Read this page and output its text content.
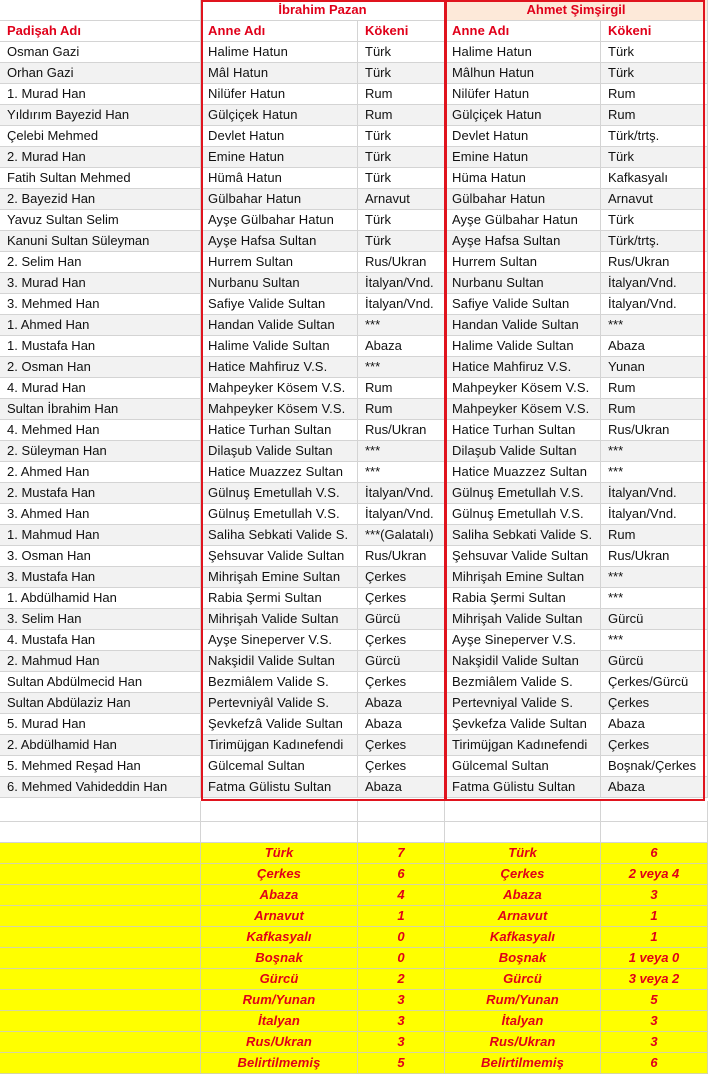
İbrahim Pazan	Ahmet Şimşirgil
Padişah Adı	Anne Adı	Kökeni	Anne Adı	Kökeni
Osman Gazi	Halime Hatun	Türk	Halime Hatun	Türk
Orhan Gazi	Mâl Hatun	Türk	Mâlhun Hatun	Türk
1. Murad Han	Nilüfer Hatun	Rum	Nilüfer Hatun	Rum
Yıldırım Bayezid Han	Gülçiçek Hatun	Rum	Gülçiçek Hatun	Rum
Çelebi Mehmed	Devlet Hatun	Türk	Devlet Hatun	Türk/trtş.
2. Murad Han	Emine Hatun	Türk	Emine Hatun	Türk
Fatih Sultan Mehmed	Hümâ Hatun	Türk	Hüma Hatun	Kafkasyalı
2. Bayezid Han	Gülbahar Hatun	Arnavut	Gülbahar Hatun	Arnavut
Yavuz Sultan Selim	Ayşe Gülbahar Hatun	Türk	Ayşe Gülbahar Hatun	Türk
Kanuni Sultan Süleyman	Ayşe Hafsa Sultan	Türk	Ayşe Hafsa Sultan	Türk/trtş.
2. Selim Han	Hurrem Sultan	Rus/Ukran	Hurrem Sultan	Rus/Ukran
3. Murad Han	Nurbanu Sultan	İtalyan/Vnd.	Nurbanu Sultan	İtalyan/Vnd.
3. Mehmed Han	Safiye Valide Sultan	İtalyan/Vnd.	Safiye Valide Sultan	İtalyan/Vnd.
1. Ahmed Han	Handan Valide Sultan	***	Handan Valide Sultan	***
1. Mustafa Han	Halime Valide Sultan	Abaza	Halime Valide Sultan	Abaza
2. Osman Han	Hatice Mahfiruz V.S.	***	Hatice Mahfiruz V.S.	Yunan
4. Murad Han	Mahpeyker Kösem V.S.	Rum	Mahpeyker Kösem V.S.	Rum
Sultan İbrahim Han	Mahpeyker Kösem V.S.	Rum	Mahpeyker Kösem V.S.	Rum
4. Mehmed Han	Hatice Turhan Sultan	Rus/Ukran	Hatice Turhan Sultan	Rus/Ukran
2. Süleyman Han	Dilaşub Valide Sultan	***	Dilaşub Valide Sultan	***
2. Ahmed Han	Hatice Muazzez Sultan	***	Hatice Muazzez Sultan	***
2. Mustafa Han	Gülnuş Emetullah V.S.	İtalyan/Vnd.	Gülnuş Emetullah V.S.	İtalyan/Vnd.
3. Ahmed Han	Gülnuş Emetullah V.S.	İtalyan/Vnd.	Gülnuş Emetullah V.S.	İtalyan/Vnd.
1. Mahmud Han	Saliha Sebkati Valide S.	***(Galatalı)	Saliha Sebkati Valide S.	Rum
3. Osman Han	Şehsuvar Valide Sultan	Rus/Ukran	Şehsuvar Valide Sultan	Rus/Ukran
3. Mustafa Han	Mihrişah Emine Sultan	Çerkes	Mihrişah Emine Sultan	***
1. Abdülhamid Han	Rabia Şermi Sultan	Çerkes	Rabia Şermi Sultan	***
3. Selim Han	Mihrişah Valide Sultan	Gürcü	Mihrişah Valide Sultan	Gürcü
4. Mustafa Han	Ayşe Sineperver V.S.	Çerkes	Ayşe Sineperver V.S.	***
2. Mahmud Han	Nakşidil Valide Sultan	Gürcü	Nakşidil Valide Sultan	Gürcü
Sultan Abdülmecid Han	Bezmiâlem Valide S.	Çerkes	Bezmiâlem Valide S.	Çerkes/Gürcü
Sultan Abdülaziz Han	Pertevniyâl Valide S.	Abaza	Pertevniyal Valide S.	Çerkes
5. Murad Han	Şevkefzâ Valide Sultan	Abaza	Şevkefza Valide Sultan	Abaza
2. Abdülhamid Han	Tirimüjgan Kadınefendi	Çerkes	Tirimüjgan Kadınefendi	Çerkes
5. Mehmed Reşad Han	Gülcemal Sultan	Çerkes	Gülcemal Sultan	Boşnak/Çerkes
6. Mehmed Vahideddin Han	Fatma Gülistu Sultan	Abaza	Fatma Gülistu Sultan	Abaza
Türk	7	Türk	6
Çerkes	6	Çerkes	2 veya 4
Abaza	4	Abaza	3
Arnavut	1	Arnavut	1
Kafkasyalı	0	Kafkasyalı	1
Boşnak	0	Boşnak	1 veya 0
Gürcü	2	Gürcü	3 veya 2
Rum/Yunan	3	Rum/Yunan	5
İtalyan	3	İtalyan	3
Rus/Ukran	3	Rus/Ukran	3
Belirtilmemiş	5	Belirtilmemiş	6
